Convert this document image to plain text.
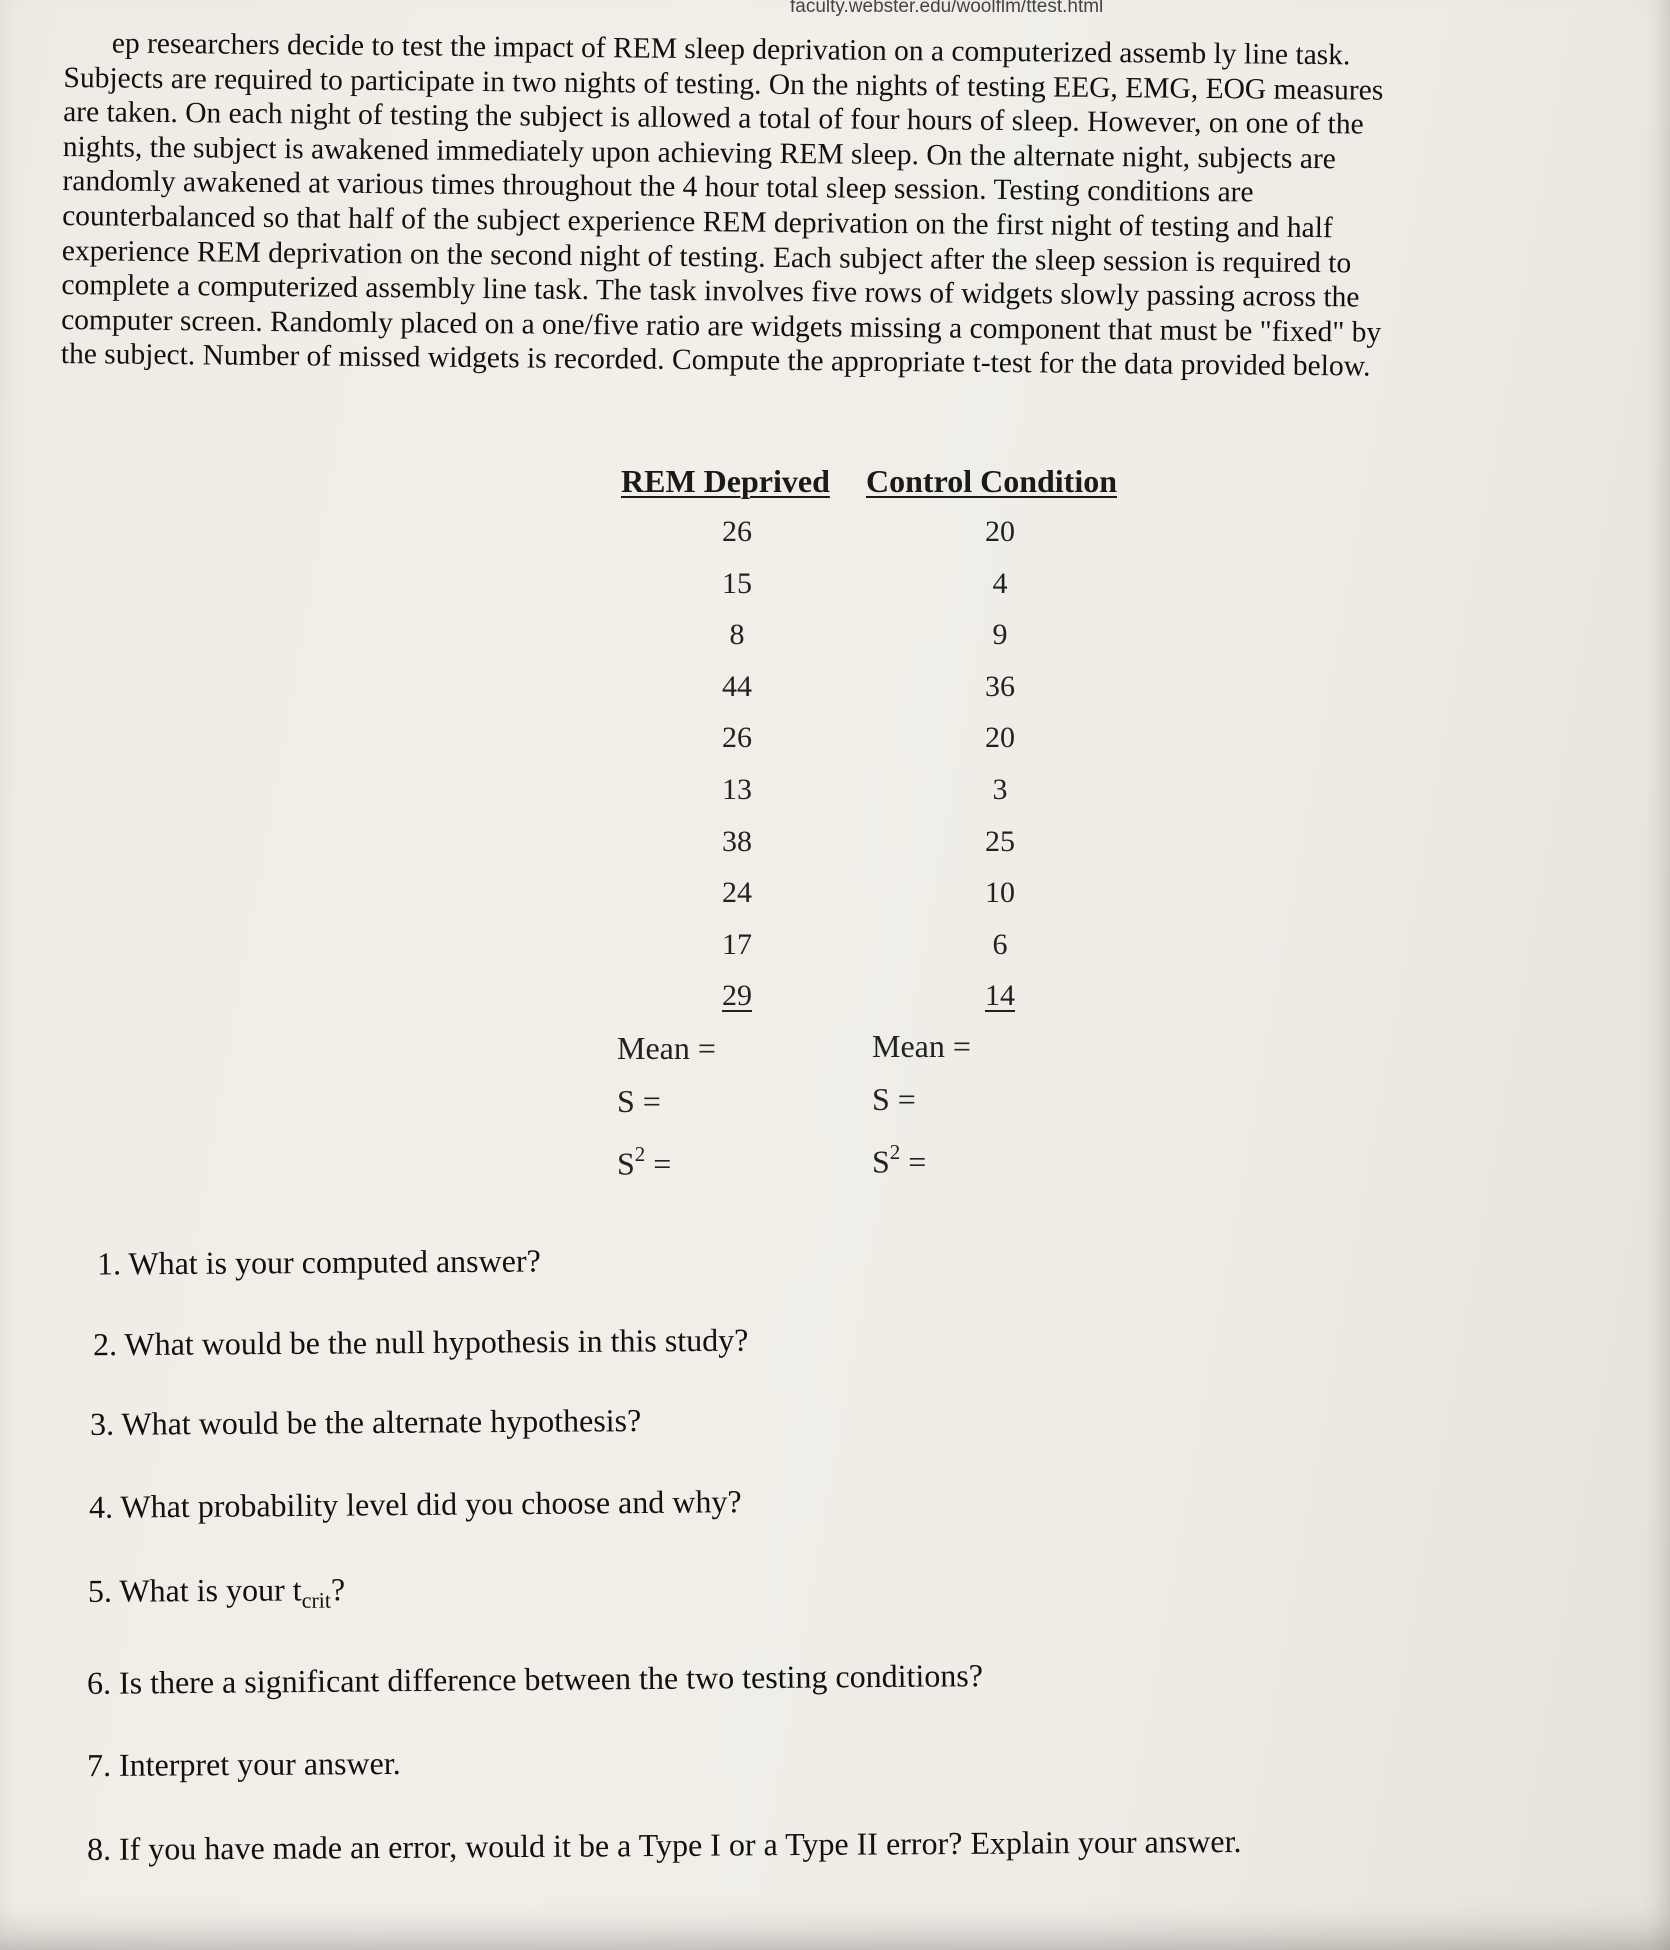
faculty.webster.edu/woolflm/ttest.html
ep researchers decide to test the impact of REM sleep deprivation on a computerized assemb ly line task.
Subjects are required to participate in two nights of testing. On the nights of testing EEG, EMG, EOG measures
are taken. On each night of testing the subject is allowed a total of four hours of sleep. However, on one of the
nights, the subject is awakened immediately upon achieving REM sleep. On the alternate night, subjects are
randomly awakened at various times throughout the 4 hour total sleep session. Testing conditions are
counterbalanced so that half of the subject experience REM deprivation on the first night of testing and half
experience REM deprivation on the second night of testing. Each subject after the sleep session is required to
complete a computerized assembly line task. The task involves five rows of widgets slowly passing across the
computer screen. Randomly placed on a one/five ratio are widgets missing a component that must be "fixed" by
the subject. Number of missed widgets is recorded. Compute the appropriate t-test for the data provided below.
REM Deprived Control Condition
26
15
8
44
26
13
38
24
17
29
20
4
9
36
20
3
25
10
6
14
Mean =
S =
$S^2$ =
Mean =
S =
$S^2$ =
1. What is your computed answer?
2. What would be the null hypothesis in this study?
3. What would be the alternate hypothesis?
4. What probability level did you choose and why?
5. What is your $t_{crit}$?
6. Is there a significant difference between the two testing conditions?
7. Interpret your answer.
8. If you have made an error, would it be a Type I or a Type II error? Explain your answer.
